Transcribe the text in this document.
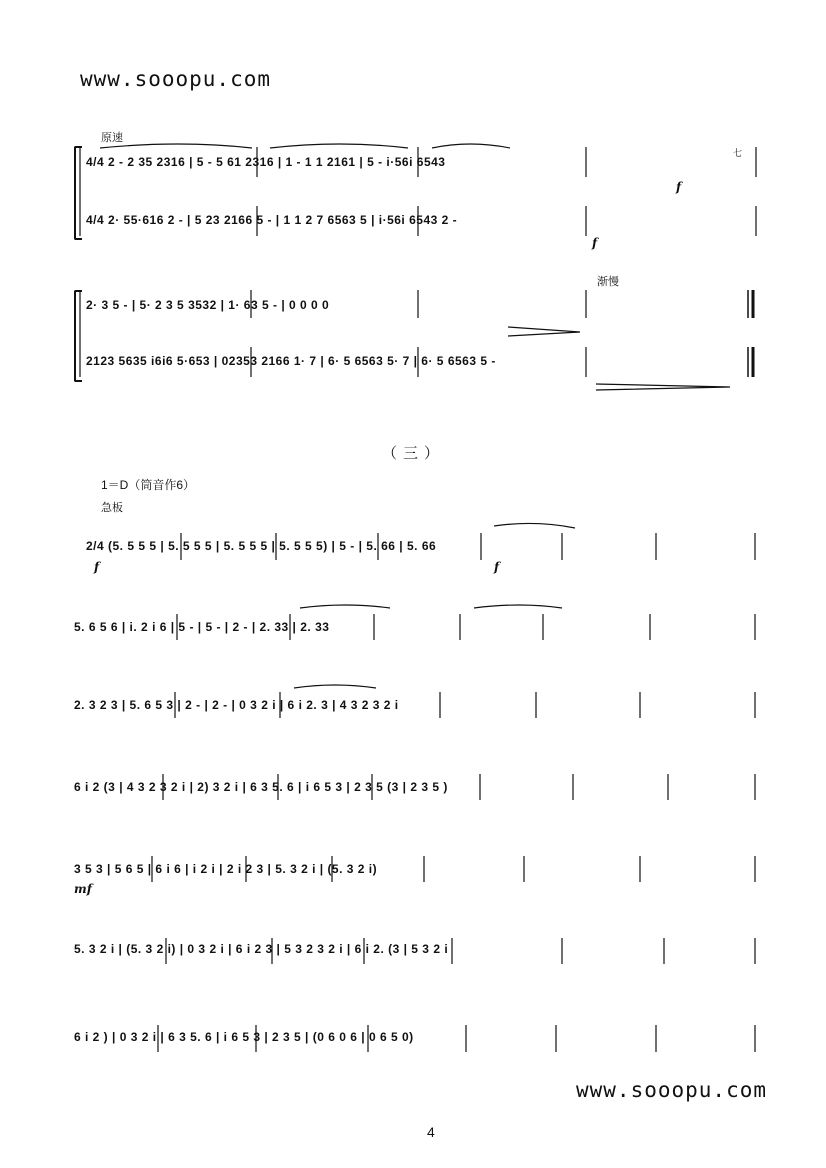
www.sooopu.com
www.sooopu.com
原速
渐慢
急板
4/4 2 - 2 35 2316 | 5 - 5 61 2316 | 1 - 1 1 2161 | 5 - i·56i 6543
4/4 2· 55·616 2 - | 5 23 2166 5 - | 1 1 2 7 6563 5 | i·56i 6543 2 -
f
f
七
2· 3 5 - | 5· 2 3 5 3532 | 1· 63 5 - | 0 0 0 0
2123 5635 i6i6 5·653 | 02353 2166 1· 7 | 6· 5 6563 5· 7 | 6· 5 6563 5 -
（三）
1＝D（筒音作6）
2/4 (5. 5 5 5 | 5. 5 5 5 | 5. 5 5 5 | 5. 5 5 5) | 5 - | 5. 66 | 5. 66
f	f
5. 6 5 6 | i. 2 i 6 | 5 - | 5 - | 2 - | 2. 33 | 2. 33
2. 3 2 3 | 5. 6 5 3 | 2 - | 2 - | 0 3 2 i | 6 i 2. 3 | 4 3 2 3 2 i
6 i 2 (3 | 4 3 2 3 2 i | 2) 3 2 i | 6 3 5. 6 | i 6 5 3 | 2 3 5 (3 | 2 3 5 )
3 5 3 | 5 6 5 | 6 i 6 | i 2 i | 2 i 2 3 | 5. 3 2 i | (5. 3 2 i)
mf
5. 3 2 i | (5. 3 2 i) | 0 3 2 i | 6 i 2 3 | 5 3 2 3 2 i | 6 i 2. (3 | 5 3 2 i
6 i 2 ) | 0 3 2 i | 6 3 5. 6 | i 6 5 3 | 2 3 5 | (0 6 0 6 | 0 6 5 0)
4
